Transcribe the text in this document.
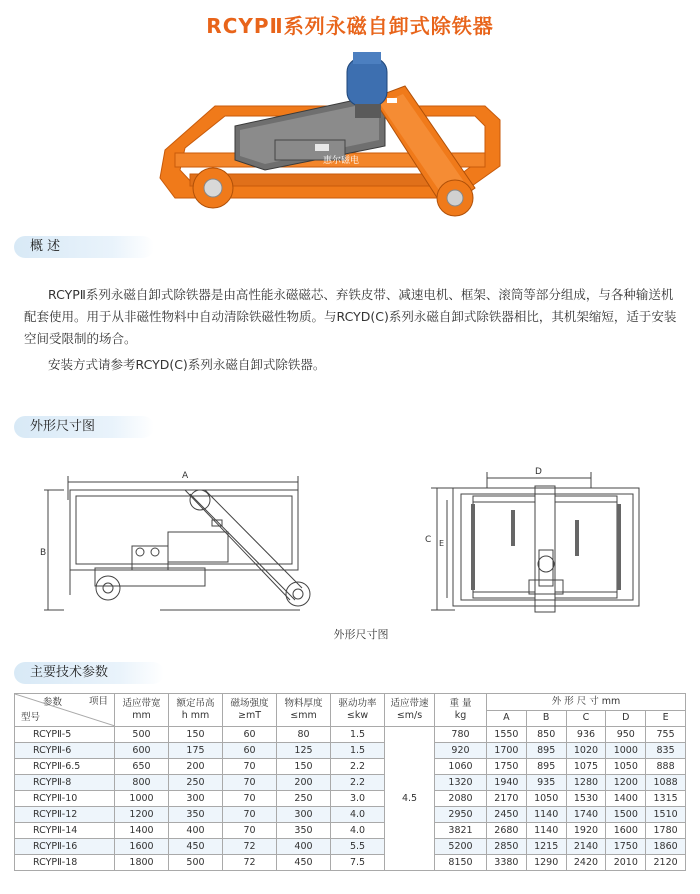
RCYPⅡ系列永磁自卸式除铁器
惠尔磁电
概 述

RCYPⅡ系列永磁自卸式除铁器是由高性能永磁磁芯、弃铁皮带、减速电机、框架、滚筒等部分组成，与各种输送机配套使用。用于从非磁性物料中自动清除铁磁性物质。与RCYD(C)系列永磁自卸式除铁器相比，其机架缩短，适于安装空间受限制的场合。

安装方式请参考RCYD(C)系列永磁自卸式除铁器。

外形尺寸图
A
B
D
C E
外形尺寸图
主要技术参数
项目
参数
型号	适应带宽
mm	额定吊高
h mm	磁场强度
≥mT	物料厚度
≤mm	驱动功率
≤kw	适应带速
≤m/s	重 量
kg	外 形 尺 寸 mm				
								A	B	C	D	E
RCYPⅡ-5	500	150	60	80	1.5	4.5	780	1550	850	936	950	755
RCYPⅡ-6	600	175	60	125	1.5		920	1700	895	1020	1000	835
RCYPⅡ-6.5	650	200	70	150	2.2		1060	1750	895	1075	1050	888
RCYPⅡ-8	800	250	70	200	2.2		1320	1940	935	1280	1200	1088
RCYPⅡ-10	1000	300	70	250	3.0		2080	2170	1050	1530	1400	1315
RCYPⅡ-12	1200	350	70	300	4.0		2950	2450	1140	1740	1500	1510
RCYPⅡ-14	1400	400	70	350	4.0		3821	2680	1140	1920	1600	1780
RCYPⅡ-16	1600	450	72	400	5.5		5200	2850	1215	2140	1750	1860
RCYPⅡ-18	1800	500	72	450	7.5		8150	3380	1290	2420	2010	2120
